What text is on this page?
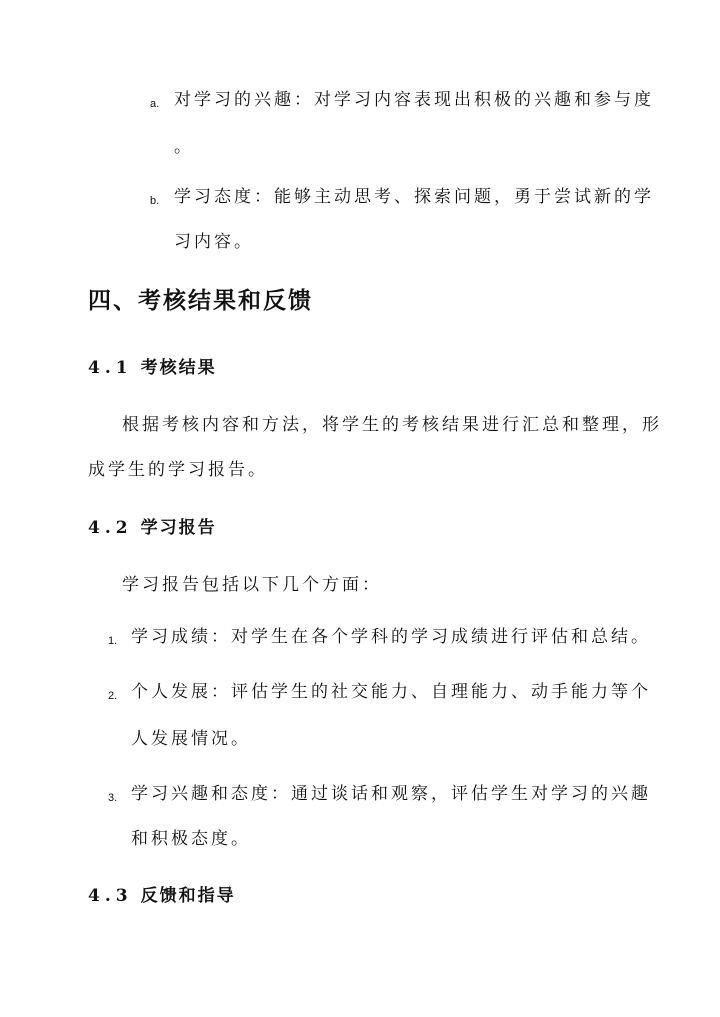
a. 对学习的兴趣：对学习内容表现出积极的兴趣和参与度
。
b. 学习态度：能够主动思考、探索问题，勇于尝试新的学
习内容。
四、考核结果和反馈
4.1 考核结果
根据考核内容和方法，将学生的考核结果进行汇总和整理，形
成学生的学习报告。
4.2 学习报告
学习报告包括以下几个方面：
1. 学习成绩：对学生在各个学科的学习成绩进行评估和总结。
2. 个人发展：评估学生的社交能力、自理能力、动手能力等个
人发展情况。
3. 学习兴趣和态度：通过谈话和观察，评估学生对学习的兴趣
和积极态度。
4.3 反馈和指导
